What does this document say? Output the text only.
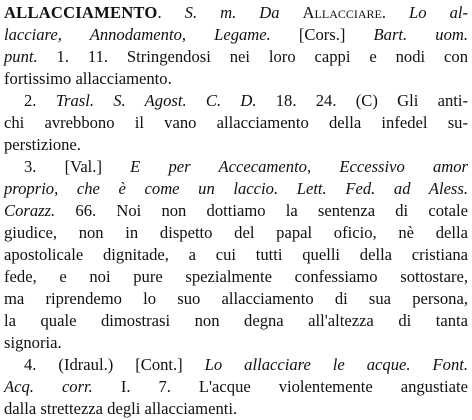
ALLACCIAMENTO. S. m. Da Allacciare. Lo al-
lacciare, Annodamento, Legame. [Cors.] Bart. uom.
punt. 1. 11. Stringendosi nei loro cappi e nodi con
fortissimo allacciamento.
2. Trasl. S. Agost. C. D. 18. 24. (C) Gli anti-
chi avrebbono il vano allacciamento della infedel su-
perstizione.
3. [Val.] E per Accecamento, Eccessivo amor
proprio, che è come un laccio. Lett. Fed. ad Aless.
Corazz. 66. Noi non dottiamo la sentenza di cotale
giudice, non in dispetto del papal oficio, nè della
apostolicale dignitade, a cui tutti quelli della cristiana
fede, e noi pure spezialmente confessiamo sottostare,
ma riprendemo lo suo allacciamento di sua persona,
la quale dimostrasi non degna all'altezza di tanta
signoria.
4. (Idraul.) [Cont.] Lo allacciare le acque. Font.
Acq. corr. I. 7. L'acque violentemente angustiate
dalla strettezza degli allacciamenti.
